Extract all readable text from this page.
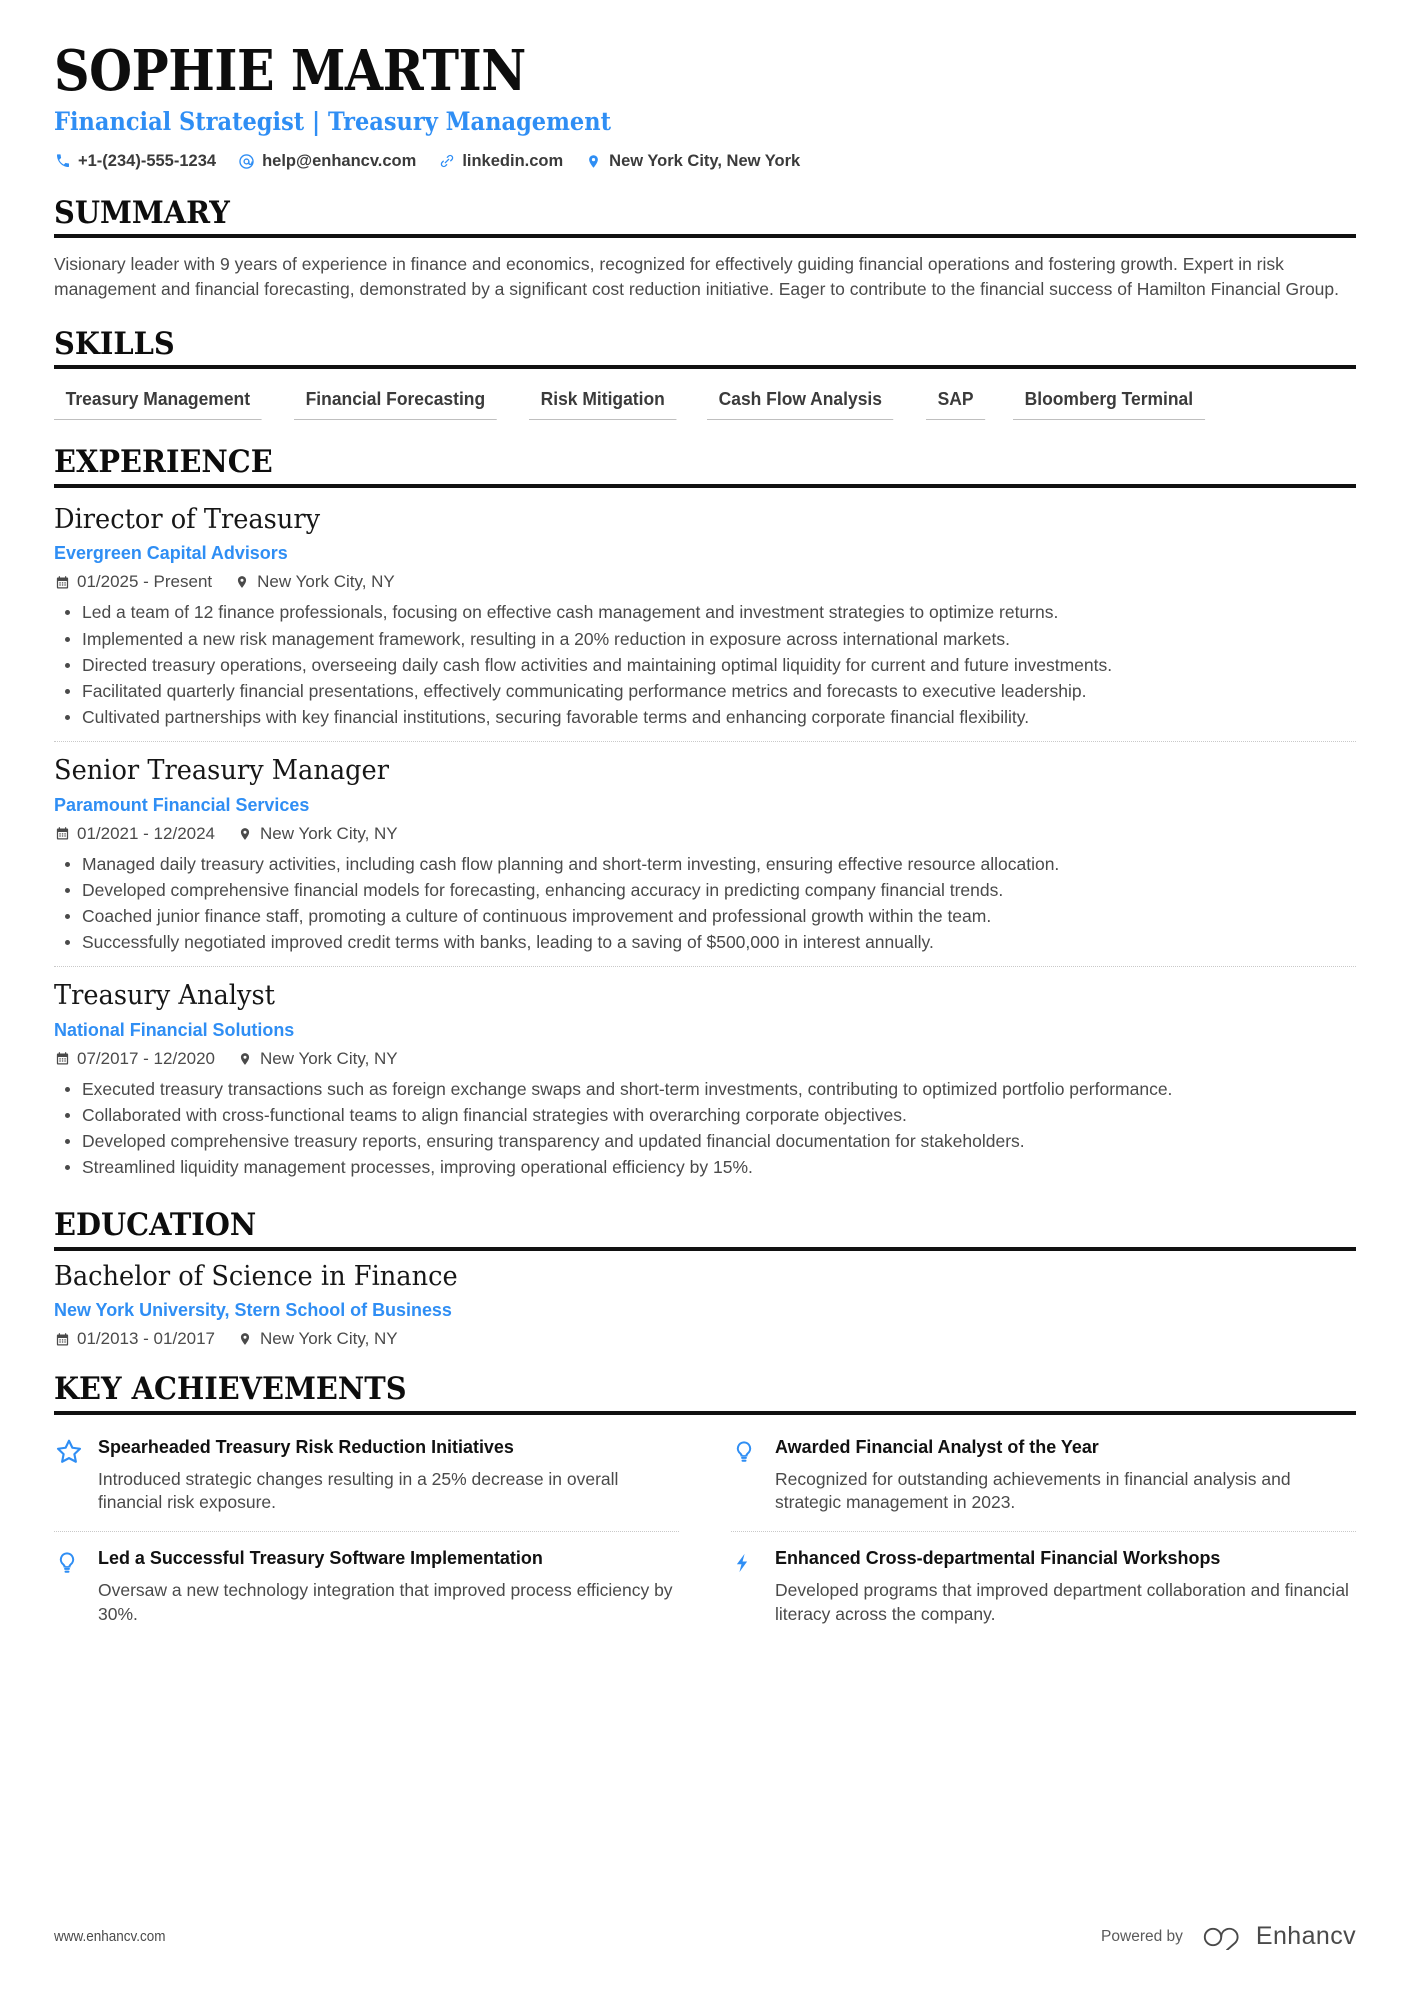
SOPHIE MARTIN
Financial Strategist | Treasury Management
+1-(234)-555-1234	help@enhancv.com	linkedin.com	New York City, New York
SUMMARY

Visionary leader with 9 years of experience in finance and economics, recognized for effectively guiding financial operations and fostering growth. Expert in risk management and financial forecasting, demonstrated by a significant cost reduction initiative. Eager to contribute to the financial success of Hamilton Financial Group.

SKILLS
Treasury Management	Financial Forecasting	Risk Mitigation	Cash Flow Analysis	SAP	Bloomberg Terminal
EXPERIENCE
Director of Treasury
Evergreen Capital Advisors
01/2025 - Present	New York City, NY
Led a team of 12 finance professionals, focusing on effective cash management and investment strategies to optimize returns.
Implemented a new risk management framework, resulting in a 20% reduction in exposure across international markets.
Directed treasury operations, overseeing daily cash flow activities and maintaining optimal liquidity for current and future investments.
Facilitated quarterly financial presentations, effectively communicating performance metrics and forecasts to executive leadership.
Cultivated partnerships with key financial institutions, securing favorable terms and enhancing corporate financial flexibility.
Senior Treasury Manager
Paramount Financial Services
01/2021 - 12/2024	New York City, NY
Managed daily treasury activities, including cash flow planning and short-term investing, ensuring effective resource allocation.
Developed comprehensive financial models for forecasting, enhancing accuracy in predicting company financial trends.
Coached junior finance staff, promoting a culture of continuous improvement and professional growth within the team.
Successfully negotiated improved credit terms with banks, leading to a saving of $500,000 in interest annually.
Treasury Analyst
National Financial Solutions
07/2017 - 12/2020	New York City, NY
Executed treasury transactions such as foreign exchange swaps and short-term investments, contributing to optimized portfolio performance.
Collaborated with cross-functional teams to align financial strategies with overarching corporate objectives.
Developed comprehensive treasury reports, ensuring transparency and updated financial documentation for stakeholders.
Streamlined liquidity management processes, improving operational efficiency by 15%.
EDUCATION
Bachelor of Science in Finance
New York University, Stern School of Business
01/2013 - 01/2017	New York City, NY
KEY ACHIEVEMENTS
Spearheaded Treasury Risk Reduction Initiatives
Introduced strategic changes resulting in a 25% decrease in overall financial risk exposure.
Awarded Financial Analyst of the Year
Recognized for outstanding achievements in financial analysis and strategic management in 2023.
Led a Successful Treasury Software Implementation
Oversaw a new technology integration that improved process efficiency by 30%.
Enhanced Cross-departmental Financial Workshops
Developed programs that improved department collaboration and financial literacy across the company.
www.enhancv.com	Powered by	Enhancv
